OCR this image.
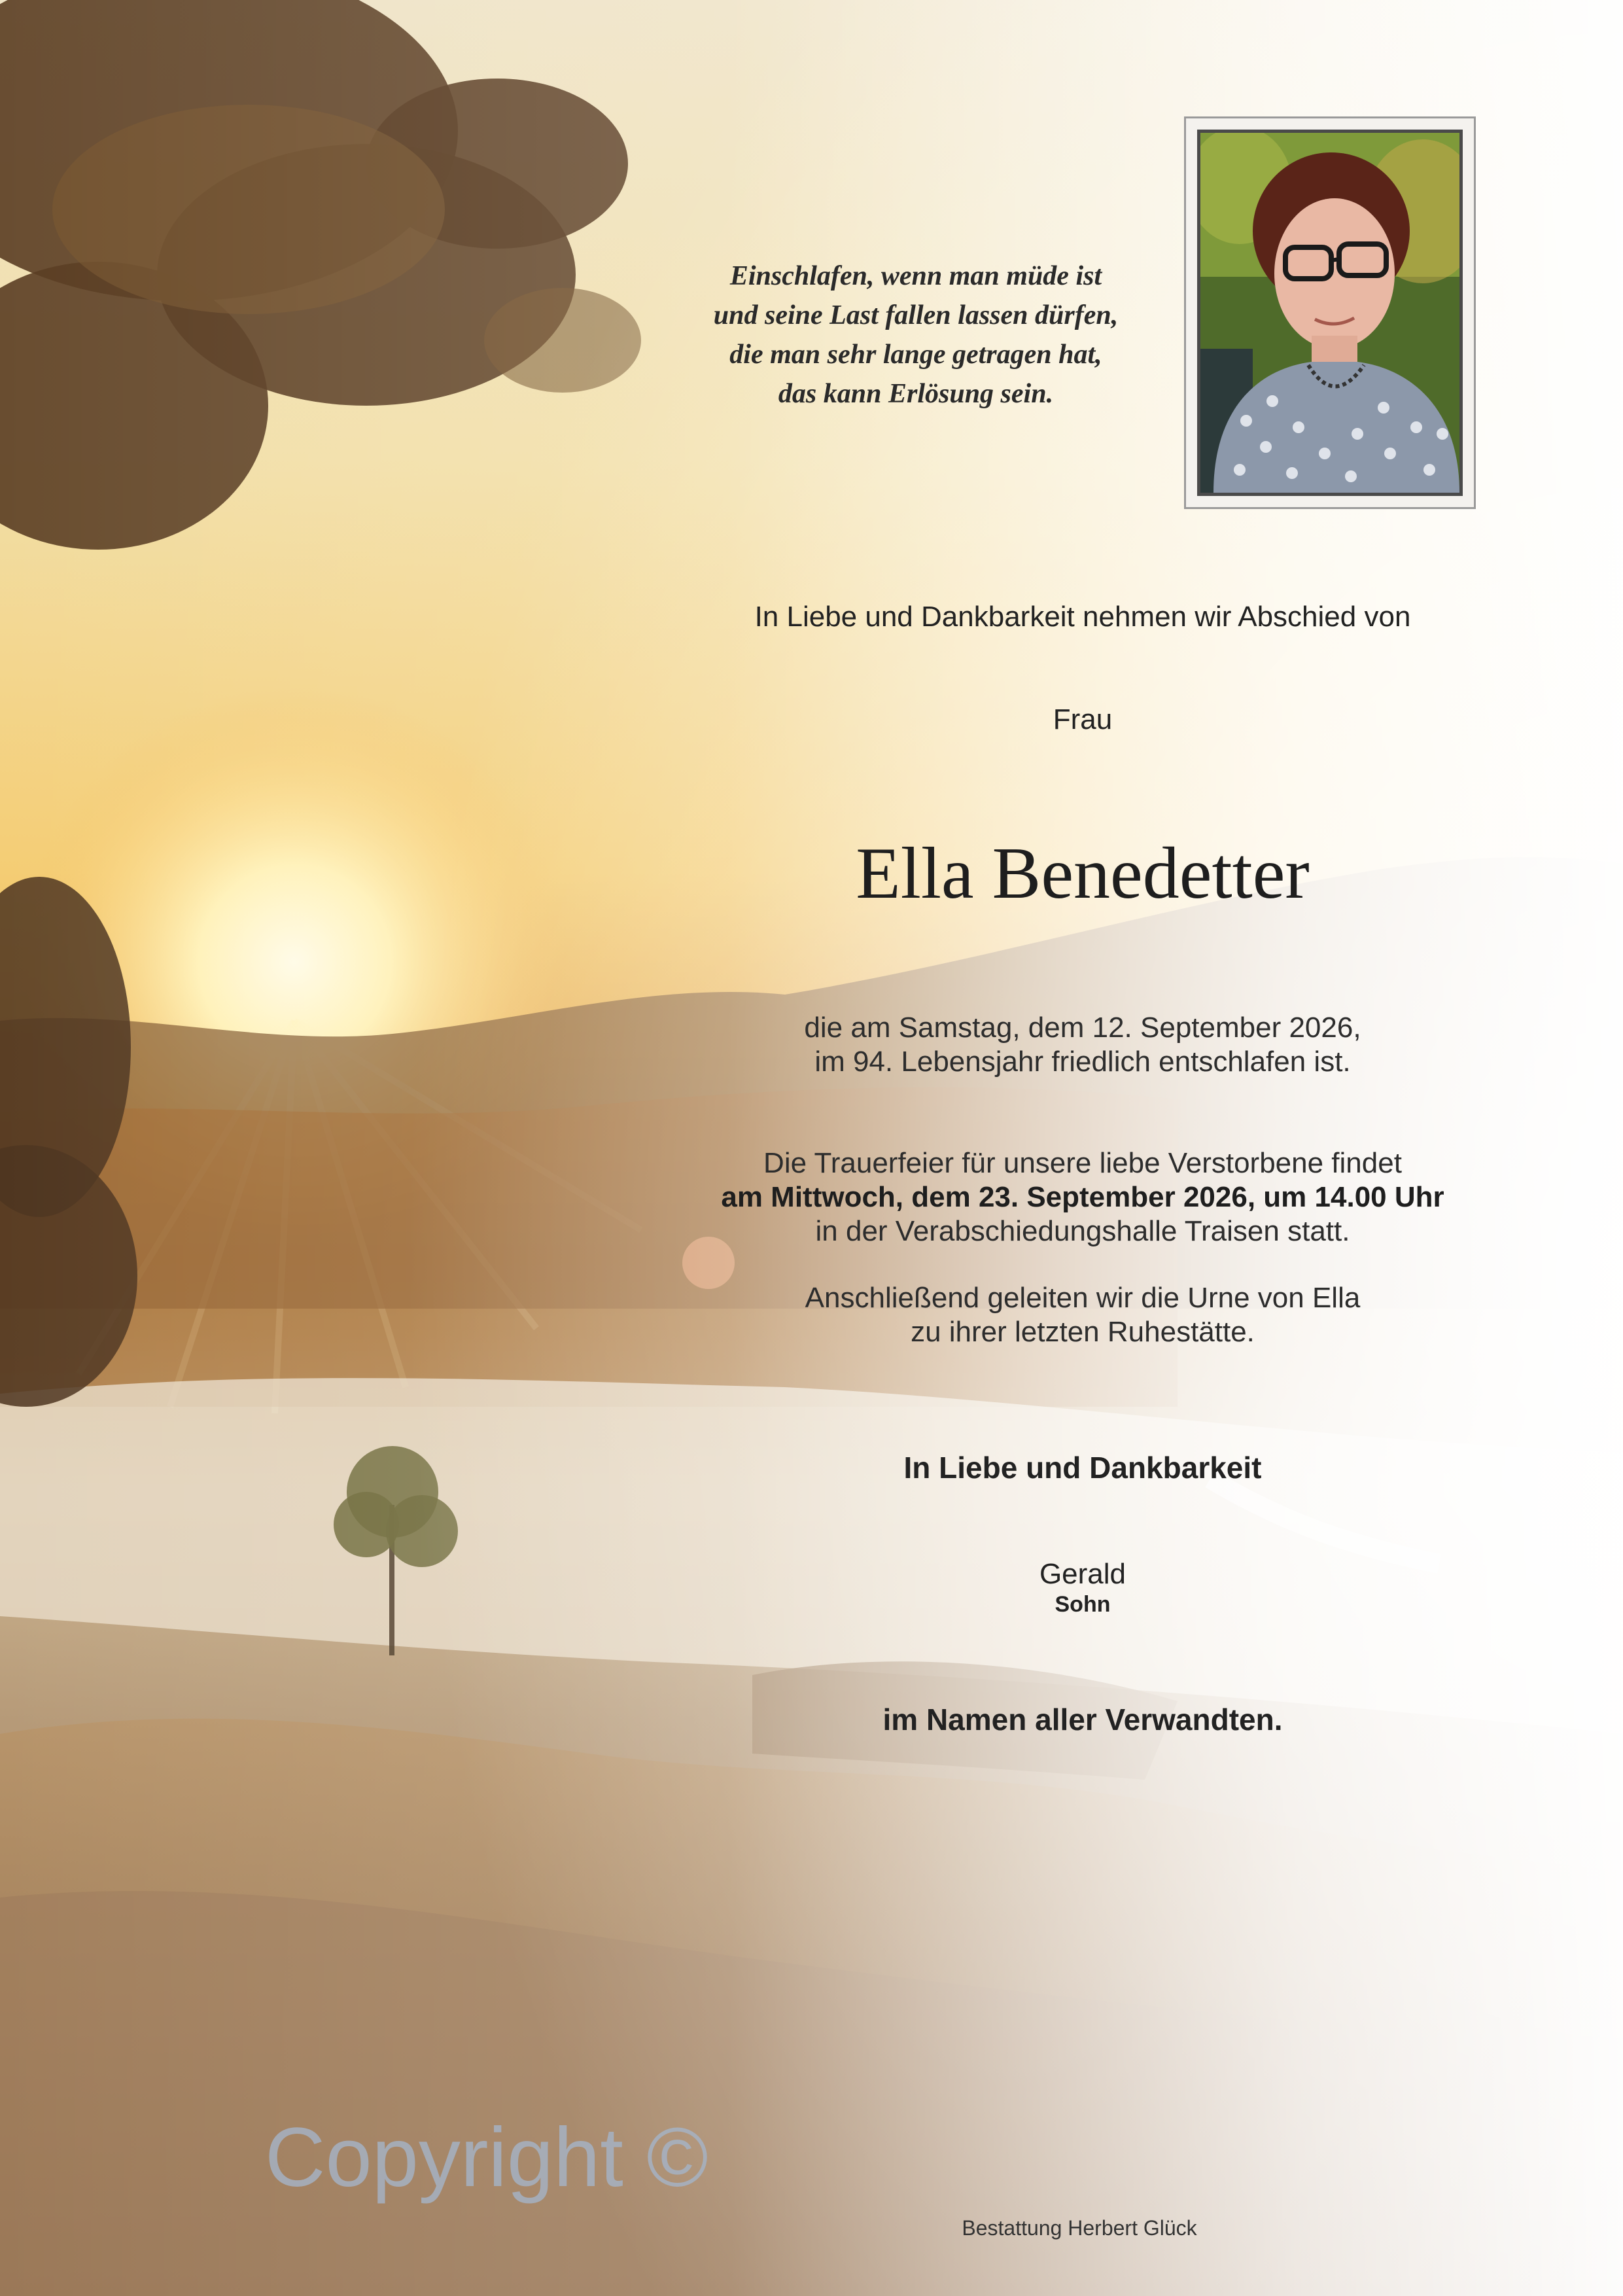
Einschlafen, wenn man müde ist
und seine Last fallen lassen dürfen,
die man sehr lange getragen hat,
das kann Erlösung sein.
In Liebe und Dankbarkeit nehmen wir Abschied von
Frau
Ella Benedetter
die am Samstag, dem 12. September 2026,
im 94. Lebensjahr friedlich entschlafen ist.
Die Trauerfeier für unsere liebe Verstorbene findet
am Mittwoch, dem 23. September 2026, um 14.00 Uhr
in der Verabschiedungshalle Traisen statt.
Anschließend geleiten wir die Urne von Ella
zu ihrer letzten Ruhestätte.
In Liebe und Dankbarkeit
Gerald
Sohn
im Namen aller Verwandten.
Copyright ©
Bestattung Herbert Glück
